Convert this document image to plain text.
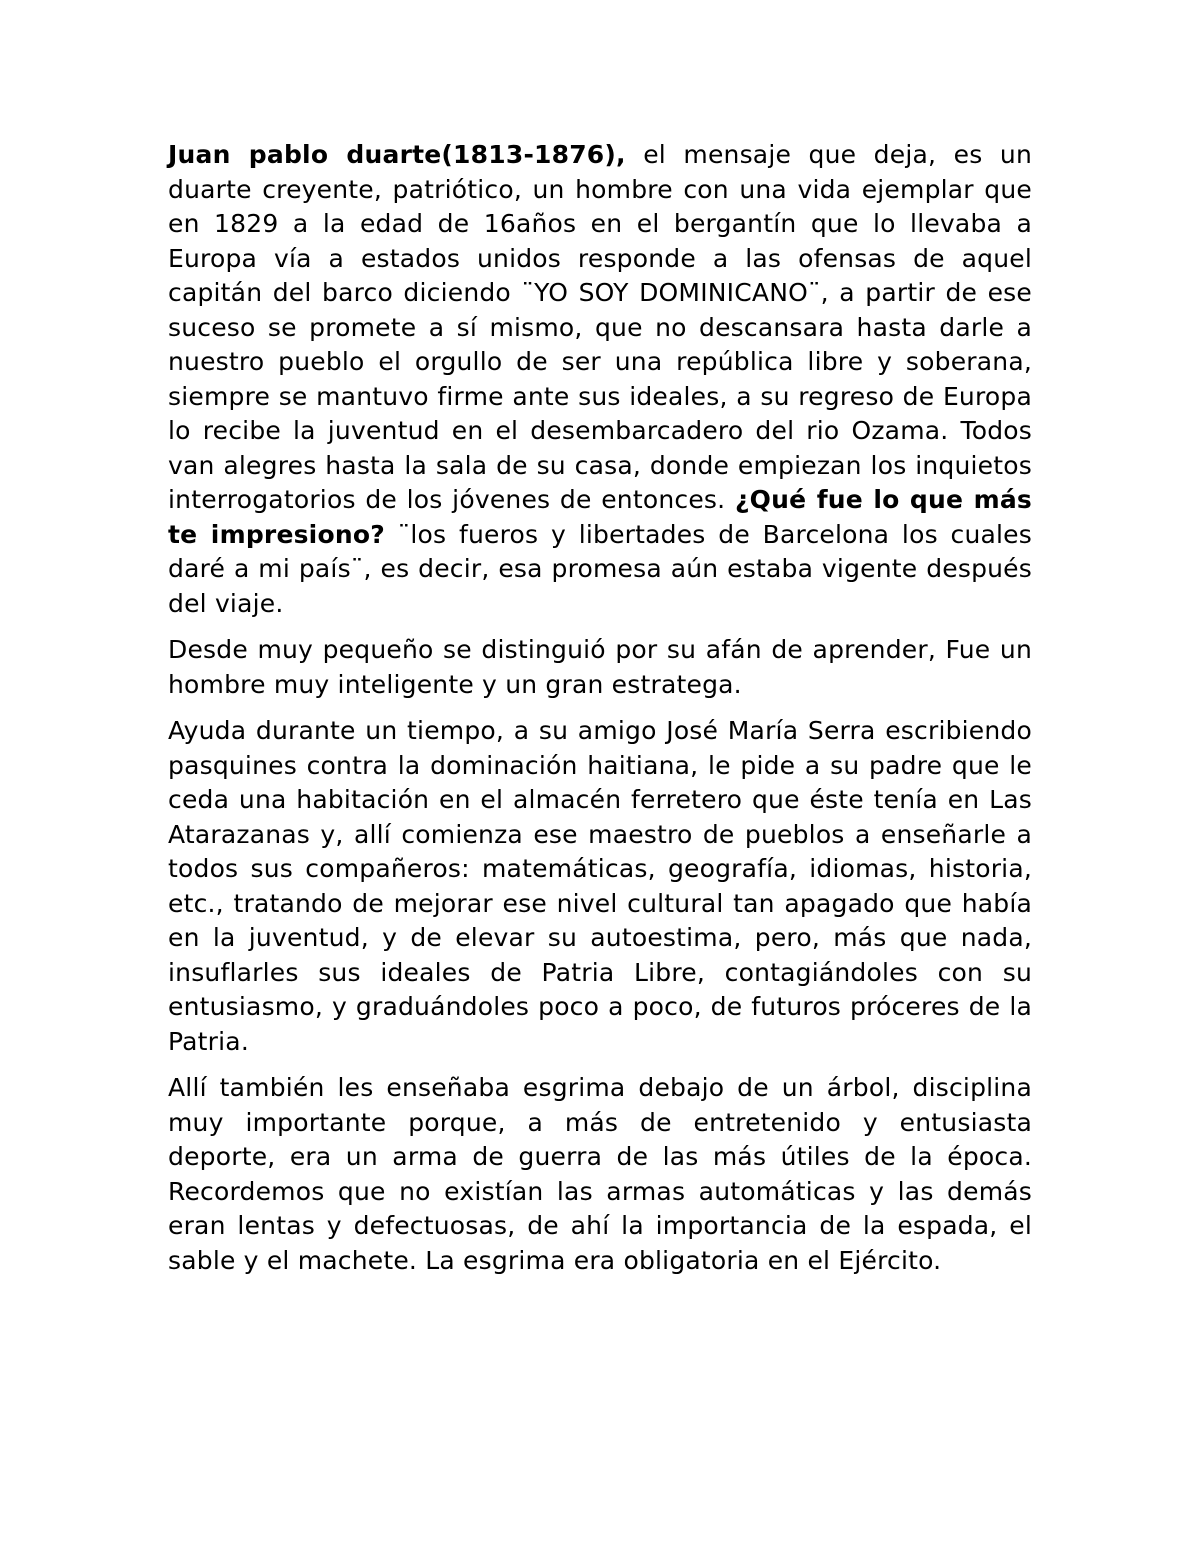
Juan pablo duarte(1813-1876), el mensaje que deja, es un duarte creyente, patriótico, un hombre con una vida ejemplar que en 1829 a la edad de 16años en el bergantín que lo llevaba a Europa vía a estados unidos responde a las ofensas de aquel capitán del barco diciendo ¨YO SOY DOMINICANO¨, a partir de ese suceso se promete a sí mismo, que no descansara hasta darle a nuestro pueblo el orgullo de ser una república libre y soberana, siempre se mantuvo firme ante sus ideales, a su regreso de Europa lo recibe la juventud en el desembarcadero del rio Ozama. Todos van alegres hasta la sala de su casa, donde empiezan los inquietos interrogatorios de los jóvenes de entonces. ¿Qué fue lo que más te impresiono? ¨los fueros y libertades de Barcelona los cuales daré a mi país¨, es decir, esa promesa aún estaba vigente después del viaje.

Desde muy pequeño se distinguió por su afán de aprender, Fue un hombre muy inteligente y un gran estratega.

Ayuda durante un tiempo, a su amigo José María Serra escribiendo pasquines contra la dominación haitiana, le pide a su padre que le ceda una habitación en el almacén ferretero que éste tenía en Las Atarazanas y, allí comienza ese maestro de pueblos a enseñarle a todos sus compañeros: matemáticas, geografía, idiomas, historia, etc., tratando de mejorar ese nivel cultural tan apagado que había en la juventud, y de elevar su autoestima, pero, más que nada, insuflarles sus ideales de Patria Libre, contagiándoles con su entusiasmo, y graduándoles poco a poco, de futuros próceres de la Patria.

Allí también les enseñaba esgrima debajo de un árbol, disciplina muy importante porque, a más de entretenido y entusiasta deporte, era un arma de guerra de las más útiles de la época. Recordemos que no existían las armas automáticas y las demás eran lentas y defectuosas, de ahí la importancia de la espada, el sable y el machete. La esgrima era obligatoria en el Ejército.
